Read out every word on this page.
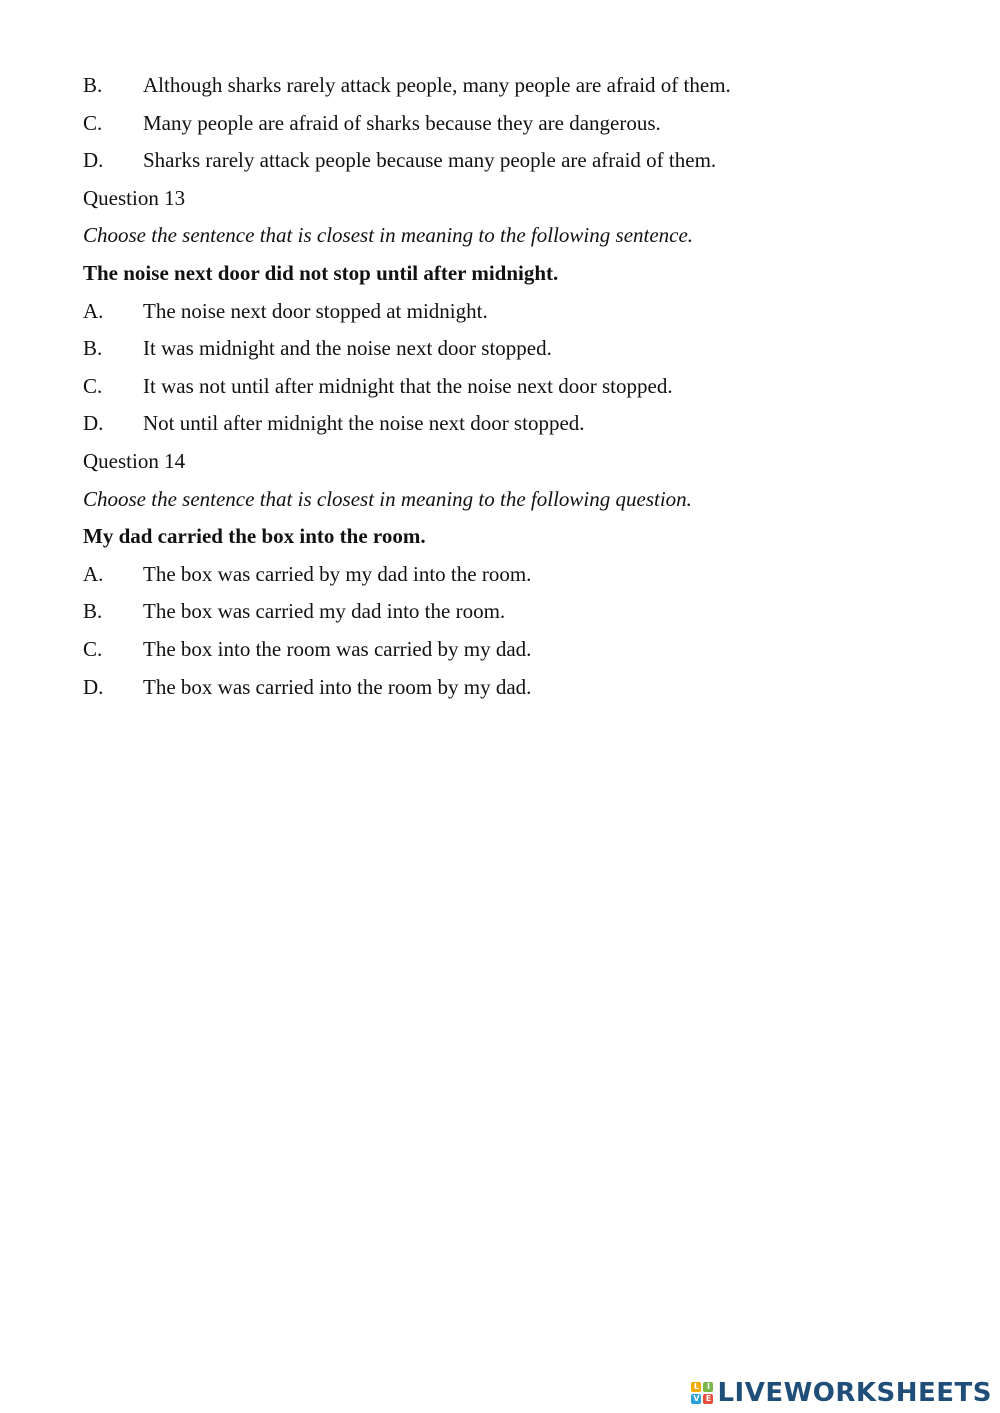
B. Although sharks rarely attack people, many people are afraid of them.
C. Many people are afraid of sharks because they are dangerous.
D. Sharks rarely attack people because many people are afraid of them.
Question 13
Choose the sentence that is closest in meaning to the following sentence.
The noise next door did not stop until after midnight.
A. The noise next door stopped at midnight.
B. It was midnight and the noise next door stopped.
C. It was not until after midnight that the noise next door stopped.
D. Not until after midnight the noise next door stopped.
Question 14
Choose the sentence that is closest in meaning to the following question.
My dad carried the box into the room.
A. The box was carried by my dad into the room.
B. The box was carried my dad into the room.
C. The box into the room was carried by my dad.
D. The box was carried into the room by my dad.
L I
V E LIVEWORKSHEETS
